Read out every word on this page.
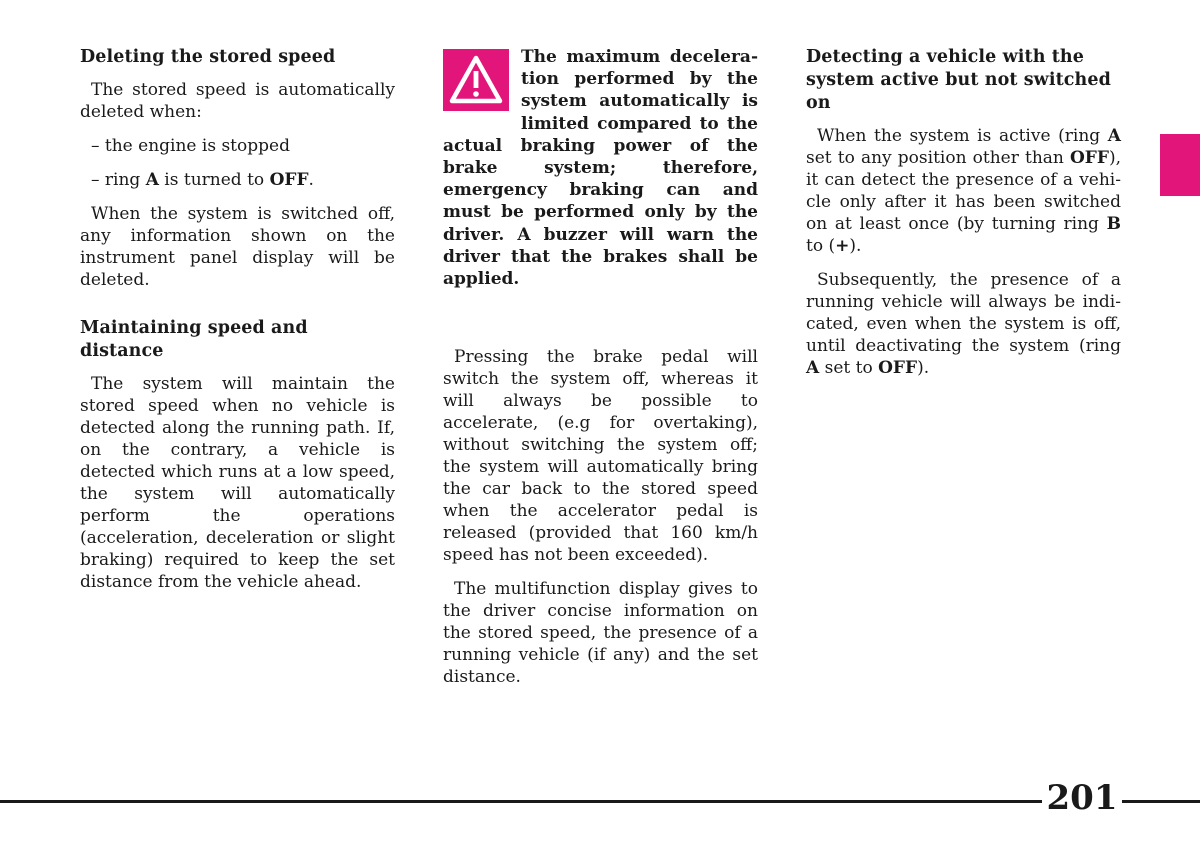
Deleting the stored speed

The stored speed is automatically deleted when:

– the engine is stopped

– ring A is turned to OFF.

When the system is switched off, any information shown on the instrument panel display will be deleted.

Maintaining speed and distance

The system will maintain the stored speed when no vehicle is detected along the running path. If, on the contrary, a vehicle is detected which runs at a low speed, the system will automatically perform the operations (acceleration, deceleration or slight braking) required to keep the set distance from the vehicle ahead.

The maximum deceleration performed by the system automatically is limited compared to the actual braking power of the brake system; therefore, emergency braking can and must be performed only by the driver. A buzzer will warn the driver that the brakes shall be applied.

Pressing the brake pedal will switch the system off, whereas it will always be possible to accelerate, (e.g for overtaking), without switching the system off; the system will automatically bring the car back to the stored speed when the accelerator pedal is released (provided that 160 km/h speed has not been exceeded).

The multifunction display gives to the driver concise information on the stored speed, the presence of a running vehicle (if any) and the set distance.

Detecting a vehicle with the system active but not switched on

When the system is active (ring A set to any position other than OFF), it can detect the presence of a vehicle only after it has been switched on at least once (by turning ring B to (+).

Subsequently, the presence of a running vehicle will always be indicated, even when the system is off, until deactivating the system (ring A set to OFF).

201
